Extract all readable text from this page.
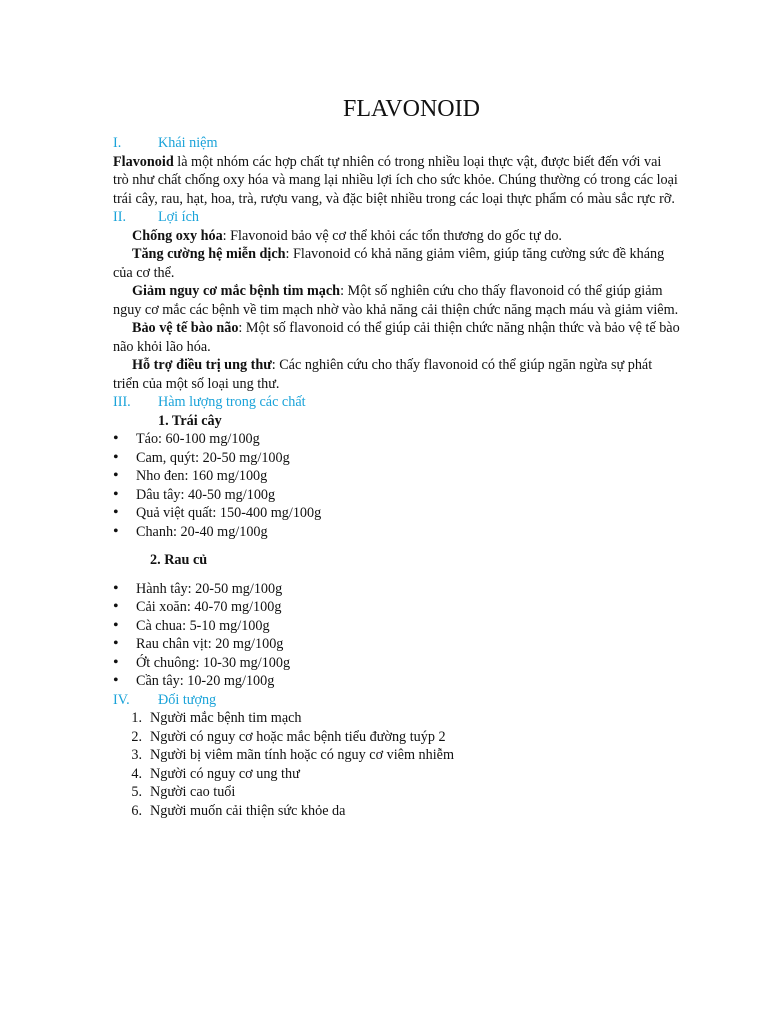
FLAVONOID
I.	Khái niệm

Flavonoid là một nhóm các hợp chất tự nhiên có trong nhiều loại thực vật, được biết đến với vai trò như chất chống oxy hóa và mang lại nhiều lợi ích cho sức khỏe. Chúng thường có trong các loại trái cây, rau, hạt, hoa, trà, rượu vang, và đặc biệt nhiều trong các loại thực phẩm có màu sắc rực rỡ.

II.	Lợi ích

Chống oxy hóa: Flavonoid bảo vệ cơ thể khỏi các tổn thương do gốc tự do.

Tăng cường hệ miễn dịch: Flavonoid có khả năng giảm viêm, giúp tăng cường sức đề kháng của cơ thể.

Giảm nguy cơ mắc bệnh tim mạch: Một số nghiên cứu cho thấy flavonoid có thể giúp giảm nguy cơ mắc các bệnh về tim mạch nhờ vào khả năng cải thiện chức năng mạch máu và giảm viêm.

Bảo vệ tế bào não: Một số flavonoid có thể giúp cải thiện chức năng nhận thức và bảo vệ tế bào não khỏi lão hóa.

Hỗ trợ điều trị ung thư: Các nghiên cứu cho thấy flavonoid có thể giúp ngăn ngừa sự phát triển của một số loại ung thư.

III.	Hàm lượng trong các chất

1. Trái cây

• Táo: 60-100 mg/100g
• Cam, quýt: 20-50 mg/100g
• Nho đen: 160 mg/100g
• Dâu tây: 40-50 mg/100g
• Quả việt quất: 150-400 mg/100g
• Chanh: 20-40 mg/100g

2. Rau củ

• Hành tây: 20-50 mg/100g
• Cải xoăn: 40-70 mg/100g
• Cà chua: 5-10 mg/100g
• Rau chân vịt: 20 mg/100g
• Ớt chuông: 10-30 mg/100g
• Cần tây: 10-20 mg/100g
IV.	Đối tượng
1. Người mắc bệnh tim mạch
2. Người có nguy cơ hoặc mắc bệnh tiểu đường tuýp 2
3. Người bị viêm mãn tính hoặc có nguy cơ viêm nhiễm
4. Người có nguy cơ ung thư
5. Người cao tuổi
6. Người muốn cải thiện sức khỏe da
